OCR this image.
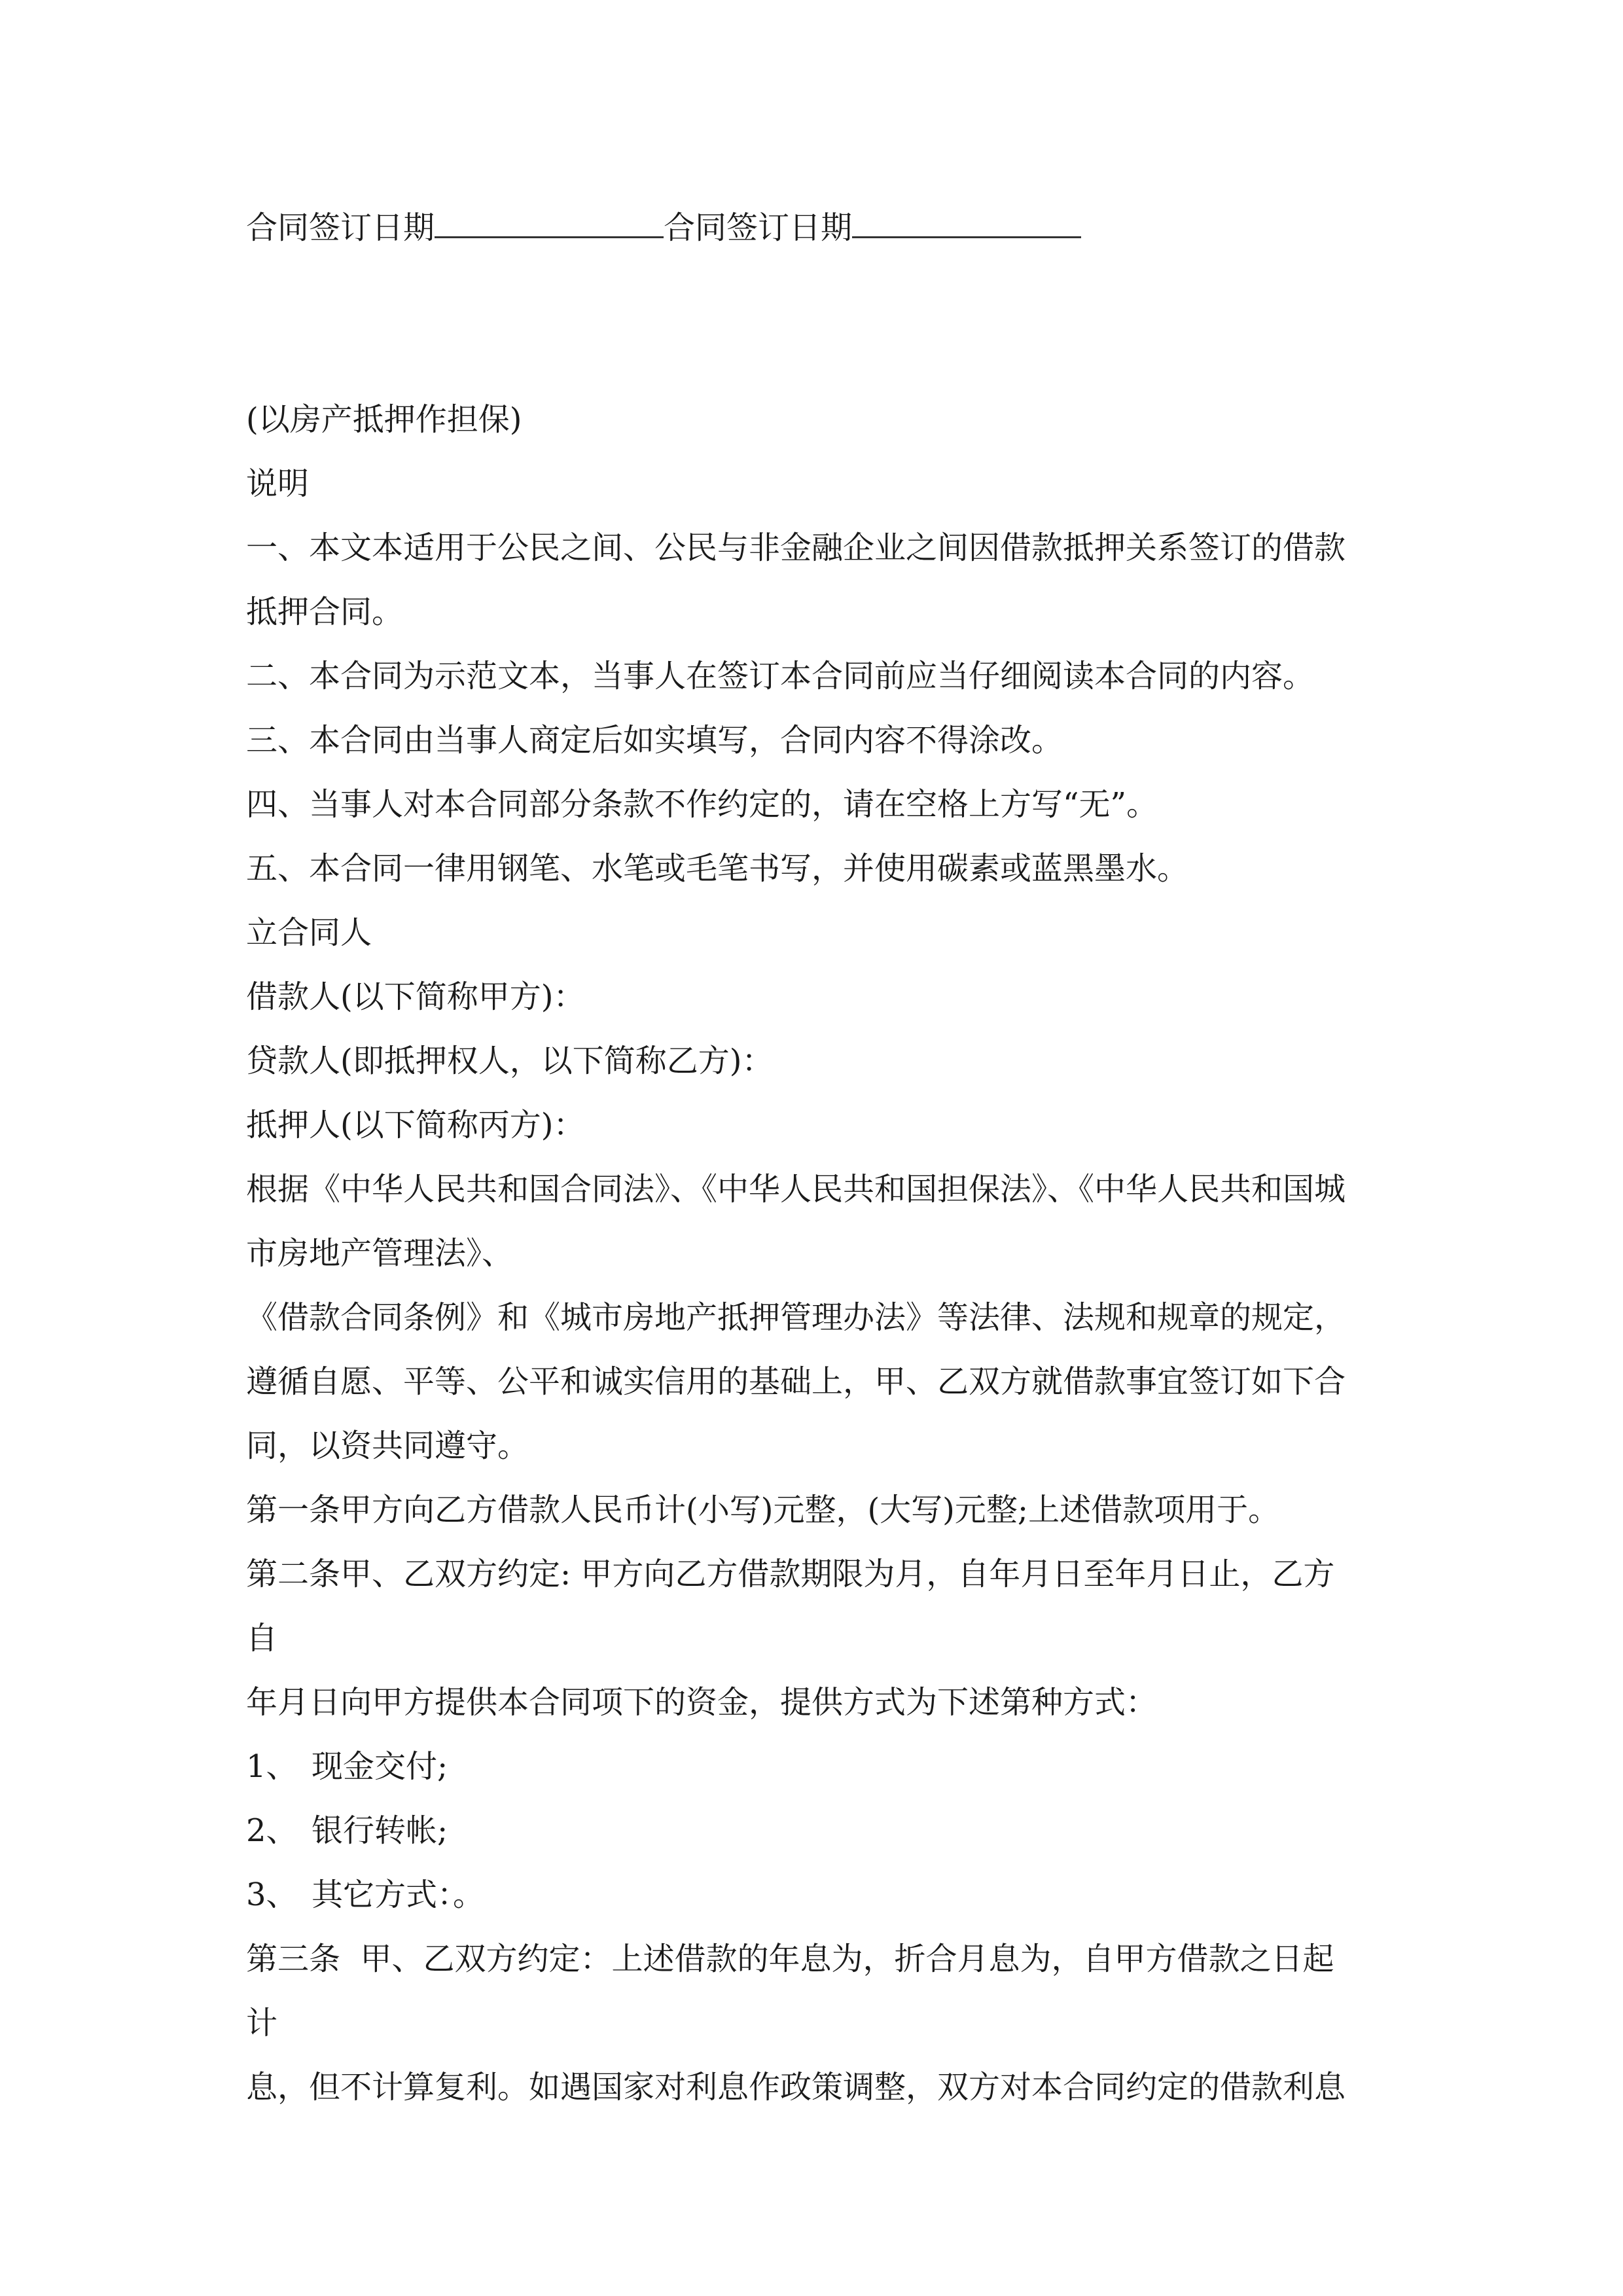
合同签订日期	合同签订日期

(以房产抵押作担保)

说明

一、本文本适用于公民之间、公民与非金融企业之间因借款抵押关系签订的借款

抵押合同。

二、本合同为示范文本，当事人在签订本合同前应当仔细阅读本合同的内容。

三、本合同由当事人商定后如实填写，合同内容不得涂改。

四、当事人对本合同部分条款不作约定的，请在空格上方写“无”。

五、本合同一律用钢笔、水笔或毛笔书写，并使用碳素或蓝黑墨水。

立合同人

借款人(以下简称甲方)：

贷款人(即抵押权人，以下简称乙方)：

抵押人(以下简称丙方)：

根据《中华人民共和国合同法》、《中华人民共和国担保法》、《中华人民共和国城

市房地产管理法》、

《借款合同条例》和《城市房地产抵押管理办法》等法律、法规和规章的规定，

遵循自愿、平等、公平和诚实信用的基础上，甲、乙双方就借款事宜签订如下合

同，以资共同遵守。

第一条甲方向乙方借款人民币计(小写)元整，(大写)元整;上述借款项用于。

第二条甲、乙双方约定: 甲方向乙方借款期限为月，自年月日至年月日止，乙方

自

年月日向甲方提供本合同项下的资金，提供方式为下述第种方式：

1、 现金交付;
2、 银行转帐;
3、 其它方式：。

第三条  甲、乙双方约定：上述借款的年息为，折合月息为，自甲方借款之日起

计

息，但不计算复利。如遇国家对利息作政策调整，双方对本合同约定的借款利息
